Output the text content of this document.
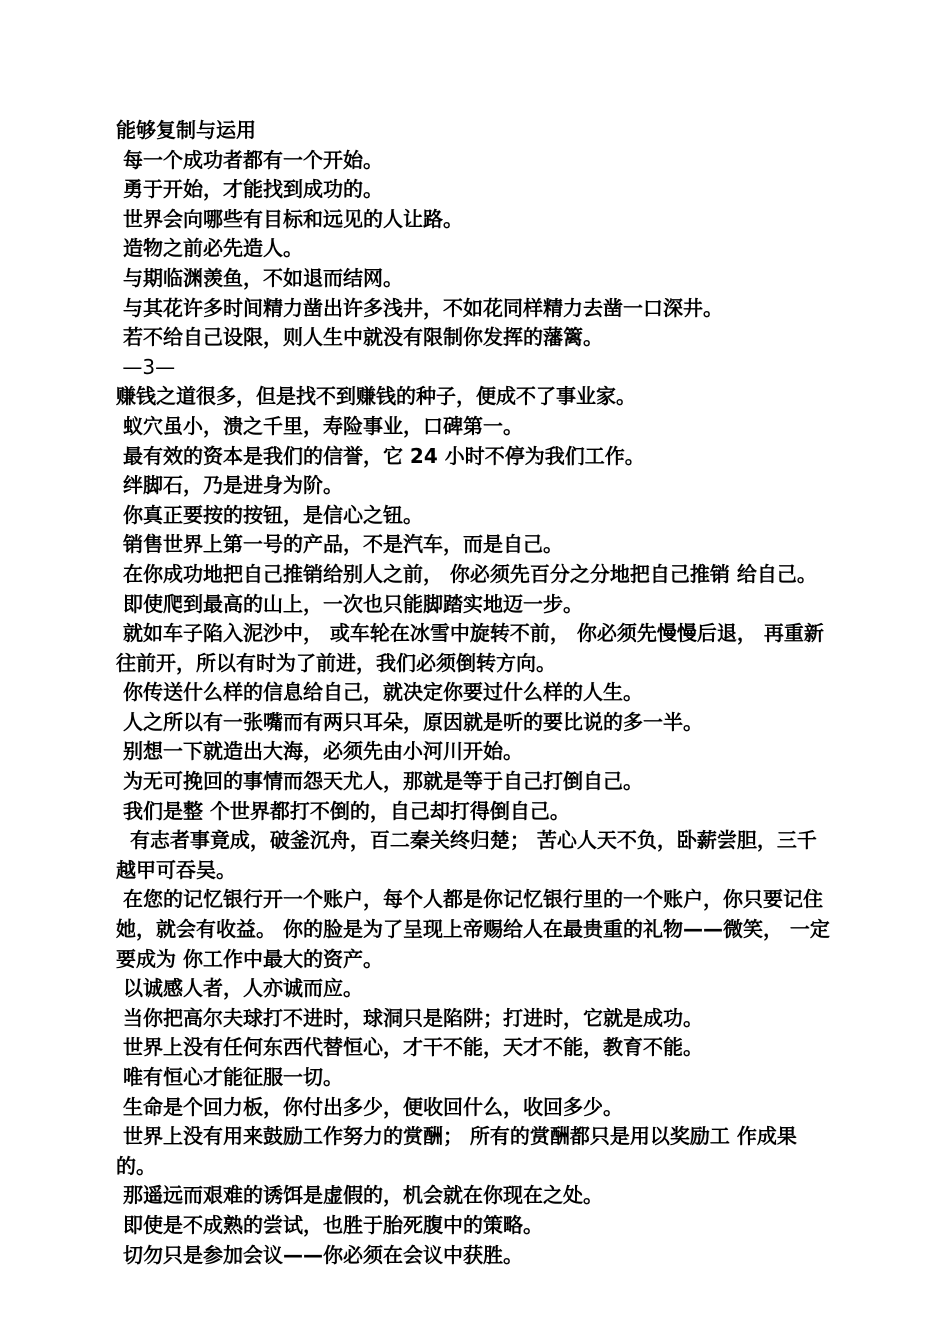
能够复制与运用
每一个成功者都有一个开始。
勇于开始，才能找到成功的。
世界会向哪些有目标和远见的人让路。
造物之前必先造人。
与期临渊羡鱼，不如退而结网。
与其花许多时间精力凿出许多浅井，不如花同样精力去凿一口深井。
若不给自己设限，则人生中就没有限制你发挥的藩篱。
—3—
赚钱之道很多，但是找不到赚钱的种子，便成不了事业家。
蚁穴虽小，溃之千里，寿险事业，口碑第一。
最有效的资本是我们的信誉，它 24 小时不停为我们工作。
绊脚石，乃是进身为阶。
你真正要按的按钮，是信心之钮。
销售世界上第一号的产品，不是汽车，而是自己。
在你成功地把自己推销给别人之前， 你必须先百分之分地把自己推销 给自己。
即使爬到最高的山上，一次也只能脚踏实地迈一步。
就如车子陷入泥沙中， 或车轮在冰雪中旋转不前， 你必须先慢慢后退， 再重新往前开，所以有时为了前进，我们必须倒转方向。
你传送什么样的信息给自己，就决定你要过什么样的人生。
人之所以有一张嘴而有两只耳朵，原因就是听的要比说的多一半。
别想一下就造出大海，必须先由小河川开始。
为无可挽回的事情而怨天尤人，那就是等于自己打倒自己。
我们是整 个世界都打不倒的，自己却打得倒自己。
有志者事竟成，破釜沉舟，百二秦关终归楚； 苦心人天不负，卧薪尝胆，三千越甲可吞吴。
在您的记忆银行开一个账户，每个人都是你记忆银行里的一个账户，你只要记住她，就会有收益。 你的脸是为了呈现上帝赐给人在最贵重的礼物——微笑， 一定要成为 你工作中最大的资产。
以诚感人者，人亦诚而应。
当你把高尔夫球打不进时，球洞只是陷阱；打进时，它就是成功。
世界上没有任何东西代替恒心，才干不能，天才不能，教育不能。
唯有恒心才能征服一切。
生命是个回力板，你付出多少，便收回什么，收回多少。
世界上没有用来鼓励工作努力的赏酬； 所有的赏酬都只是用以奖励工 作成果的。
那遥远而艰难的诱饵是虚假的，机会就在你现在之处。
即使是不成熟的尝试，也胜于胎死腹中的策略。
切勿只是参加会议——你必须在会议中获胜。
